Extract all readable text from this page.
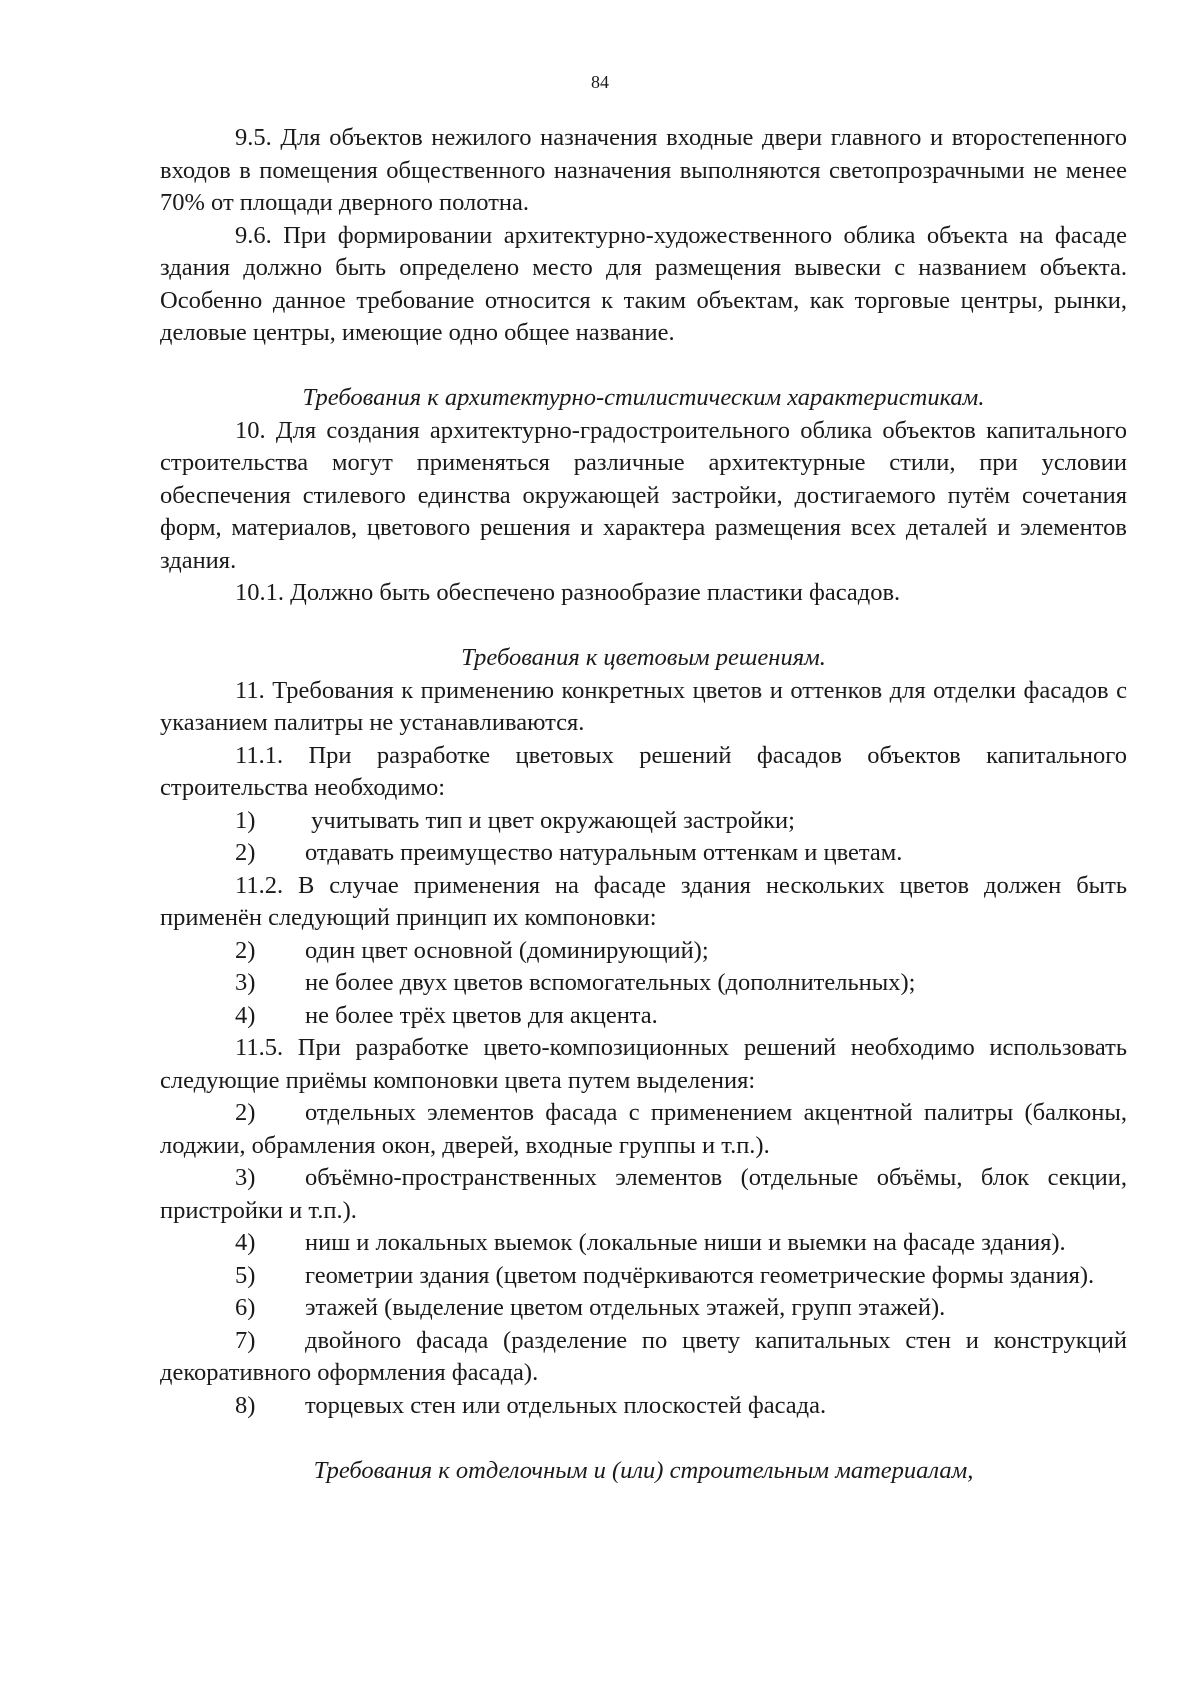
84

9.5. Для объектов нежилого назначения входные двери главного и второстепенного входов в помещения общественного назначения выполняются светопрозрачными не менее 70% от площади дверного полотна.

9.6. При формировании архитектурно-художественного облика объекта на фасаде здания должно быть определено место для размещения вывески с названием объекта. Особенно данное требование относится к таким объектам, как торговые центры, рынки, деловые центры, имеющие одно общее название.

Требования к архитектурно-стилистическим характеристикам.

10. Для создания архитектурно-градостроительного облика объектов капитального строительства могут применяться различные архитектурные стили, при условии обеспечения стилевого единства окружающей застройки, достигаемого путём сочетания форм, материалов, цветового решения и характера размещения всех деталей и элементов здания.

10.1. Должно быть обеспечено разнообразие пластики фасадов.

Требования к цветовым решениям.

11. Требования к применению конкретных цветов и оттенков для отделки фасадов с указанием палитры не устанавливаются.

11.1. При разработке цветовых решений фасадов объектов капитального строительства необходимо:

1) учитывать тип и цвет окружающей застройки;

2) отдавать преимущество натуральным оттенкам и цветам.

11.2. В случае применения на фасаде здания нескольких цветов должен быть применён следующий принцип их компоновки:

2) один цвет основной (доминирующий);

3) не более двух цветов вспомогательных (дополнительных);

4) не более трёх цветов для акцента.

11.5. При разработке цвето-композиционных решений необходимо использовать следующие приёмы компоновки цвета путем выделения:

2) отдельных элементов фасада с применением акцентной палитры (балконы, лоджии, обрамления окон, дверей, входные группы и т.п.).

3) объёмно-пространственных элементов (отдельные объёмы, блок секции, пристройки и т.п.).

4) ниш и локальных выемок (локальные ниши и выемки на фасаде здания).

5) геометрии здания (цветом подчёркиваются геометрические формы здания).

6) этажей (выделение цветом отдельных этажей, групп этажей).

7) двойного фасада (разделение по цвету капитальных стен и конструкций декоративного оформления фасада).

8) торцевых стен или отдельных плоскостей фасада.

Требования к отделочным и (или) строительным материалам,
